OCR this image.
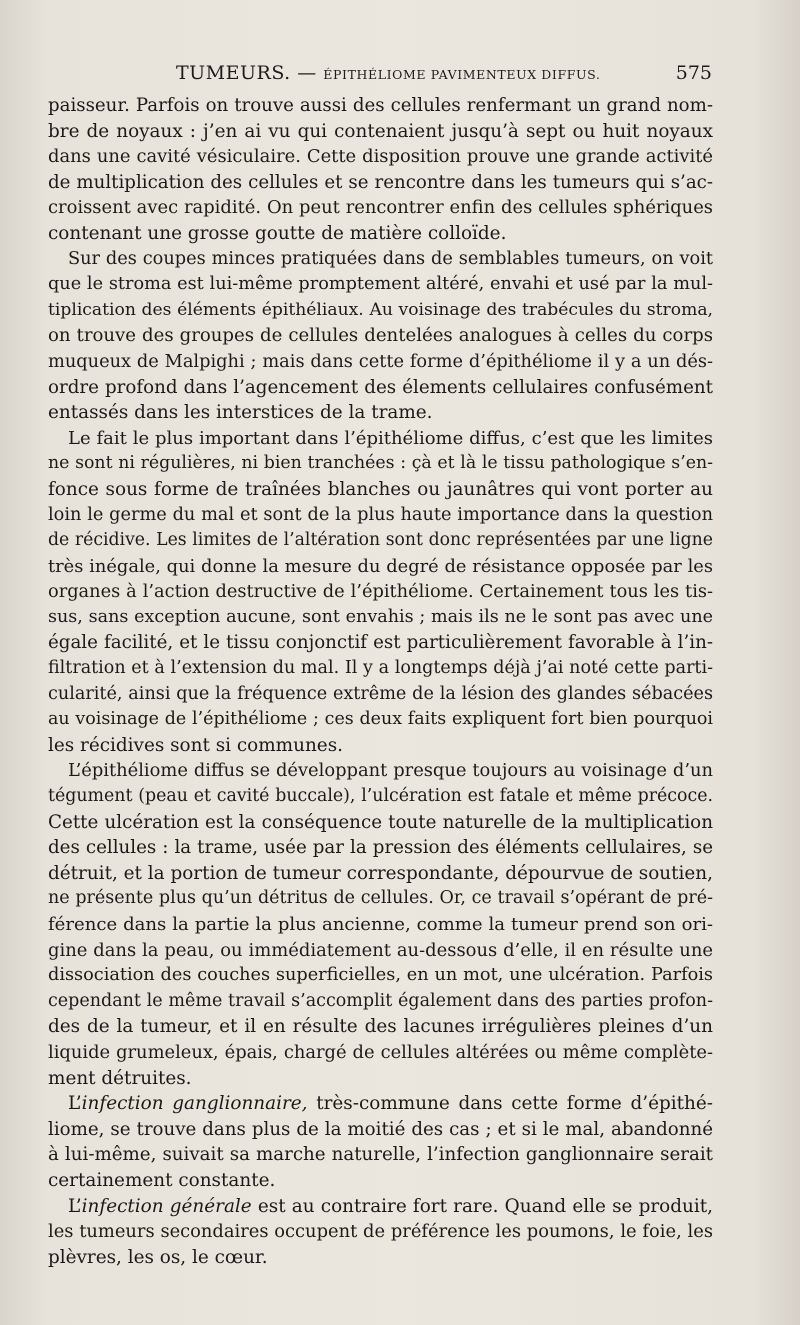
TUMEURS. — ÉPITHÉLIOME PAVIMENTEUX DIFFUS.	575
paisseur. Parfois on trouve aussi des cellules renfermant un grand nom-
bre de noyaux : j’en ai vu qui contenaient jusqu’à sept ou huit noyaux
dans une cavité vésiculaire. Cette disposition prouve une grande activité
de multiplication des cellules et se rencontre dans les tumeurs qui s’ac-
croissent avec rapidité. On peut rencontrer enfin des cellules sphériques
contenant une grosse goutte de matière colloïde.
Sur des coupes minces pratiquées dans de semblables tumeurs, on voit
que le stroma est lui-même promptement altéré, envahi et usé par la mul-
tiplication des éléments épithéliaux. Au voisinage des trabécules du stroma,
on trouve des groupes de cellules dentelées analogues à celles du corps
muqueux de Malpighi ; mais dans cette forme d’épithéliome il y a un dés-
ordre profond dans l’agencement des élements cellulaires confusément
entassés dans les interstices de la trame.
Le fait le plus important dans l’épithéliome diffus, c’est que les limites
ne sont ni régulières, ni bien tranchées : çà et là le tissu pathologique s’en-
fonce sous forme de traînées blanches ou jaunâtres qui vont porter au
loin le germe du mal et sont de la plus haute importance dans la question
de récidive. Les limites de l’altération sont donc représentées par une ligne
très inégale, qui donne la mesure du degré de résistance opposée par les
organes à l’action destructive de l’épithéliome. Certainement tous les tis-
sus, sans exception aucune, sont envahis ; mais ils ne le sont pas avec une
égale facilité, et le tissu conjonctif est particulièrement favorable à l’in-
filtration et à l’extension du mal. Il y a longtemps déjà j’ai noté cette parti-
cularité, ainsi que la fréquence extrême de la lésion des glandes sébacées
au voisinage de l’épithéliome ; ces deux faits expliquent fort bien pourquoi
les récidives sont si communes.
L’épithéliome diffus se développant presque toujours au voisinage d’un
tégument (peau et cavité buccale), l’ulcération est fatale et même précoce.
Cette ulcération est la conséquence toute naturelle de la multiplication
des cellules : la trame, usée par la pression des éléments cellulaires, se
détruit, et la portion de tumeur correspondante, dépourvue de soutien,
ne présente plus qu’un détritus de cellules. Or, ce travail s’opérant de pré-
férence dans la partie la plus ancienne, comme la tumeur prend son ori-
gine dans la peau, ou immédiatement au-dessous d’elle, il en résulte une
dissociation des couches superficielles, en un mot, une ulcération. Parfois
cependant le même travail s’accomplit également dans des parties profon-
des de la tumeur, et il en résulte des lacunes irrégulières pleines d’un
liquide grumeleux, épais, chargé de cellules altérées ou même complète-
ment détruites.
L’infection ganglionnaire, très-commune dans cette forme d’épithé-
liome, se trouve dans plus de la moitié des cas ; et si le mal, abandonné
à lui-même, suivait sa marche naturelle, l’infection ganglionnaire serait
certainement constante.
L’infection générale est au contraire fort rare. Quand elle se produit,
les tumeurs secondaires occupent de préférence les poumons, le foie, les
plèvres, les os, le cœur.
